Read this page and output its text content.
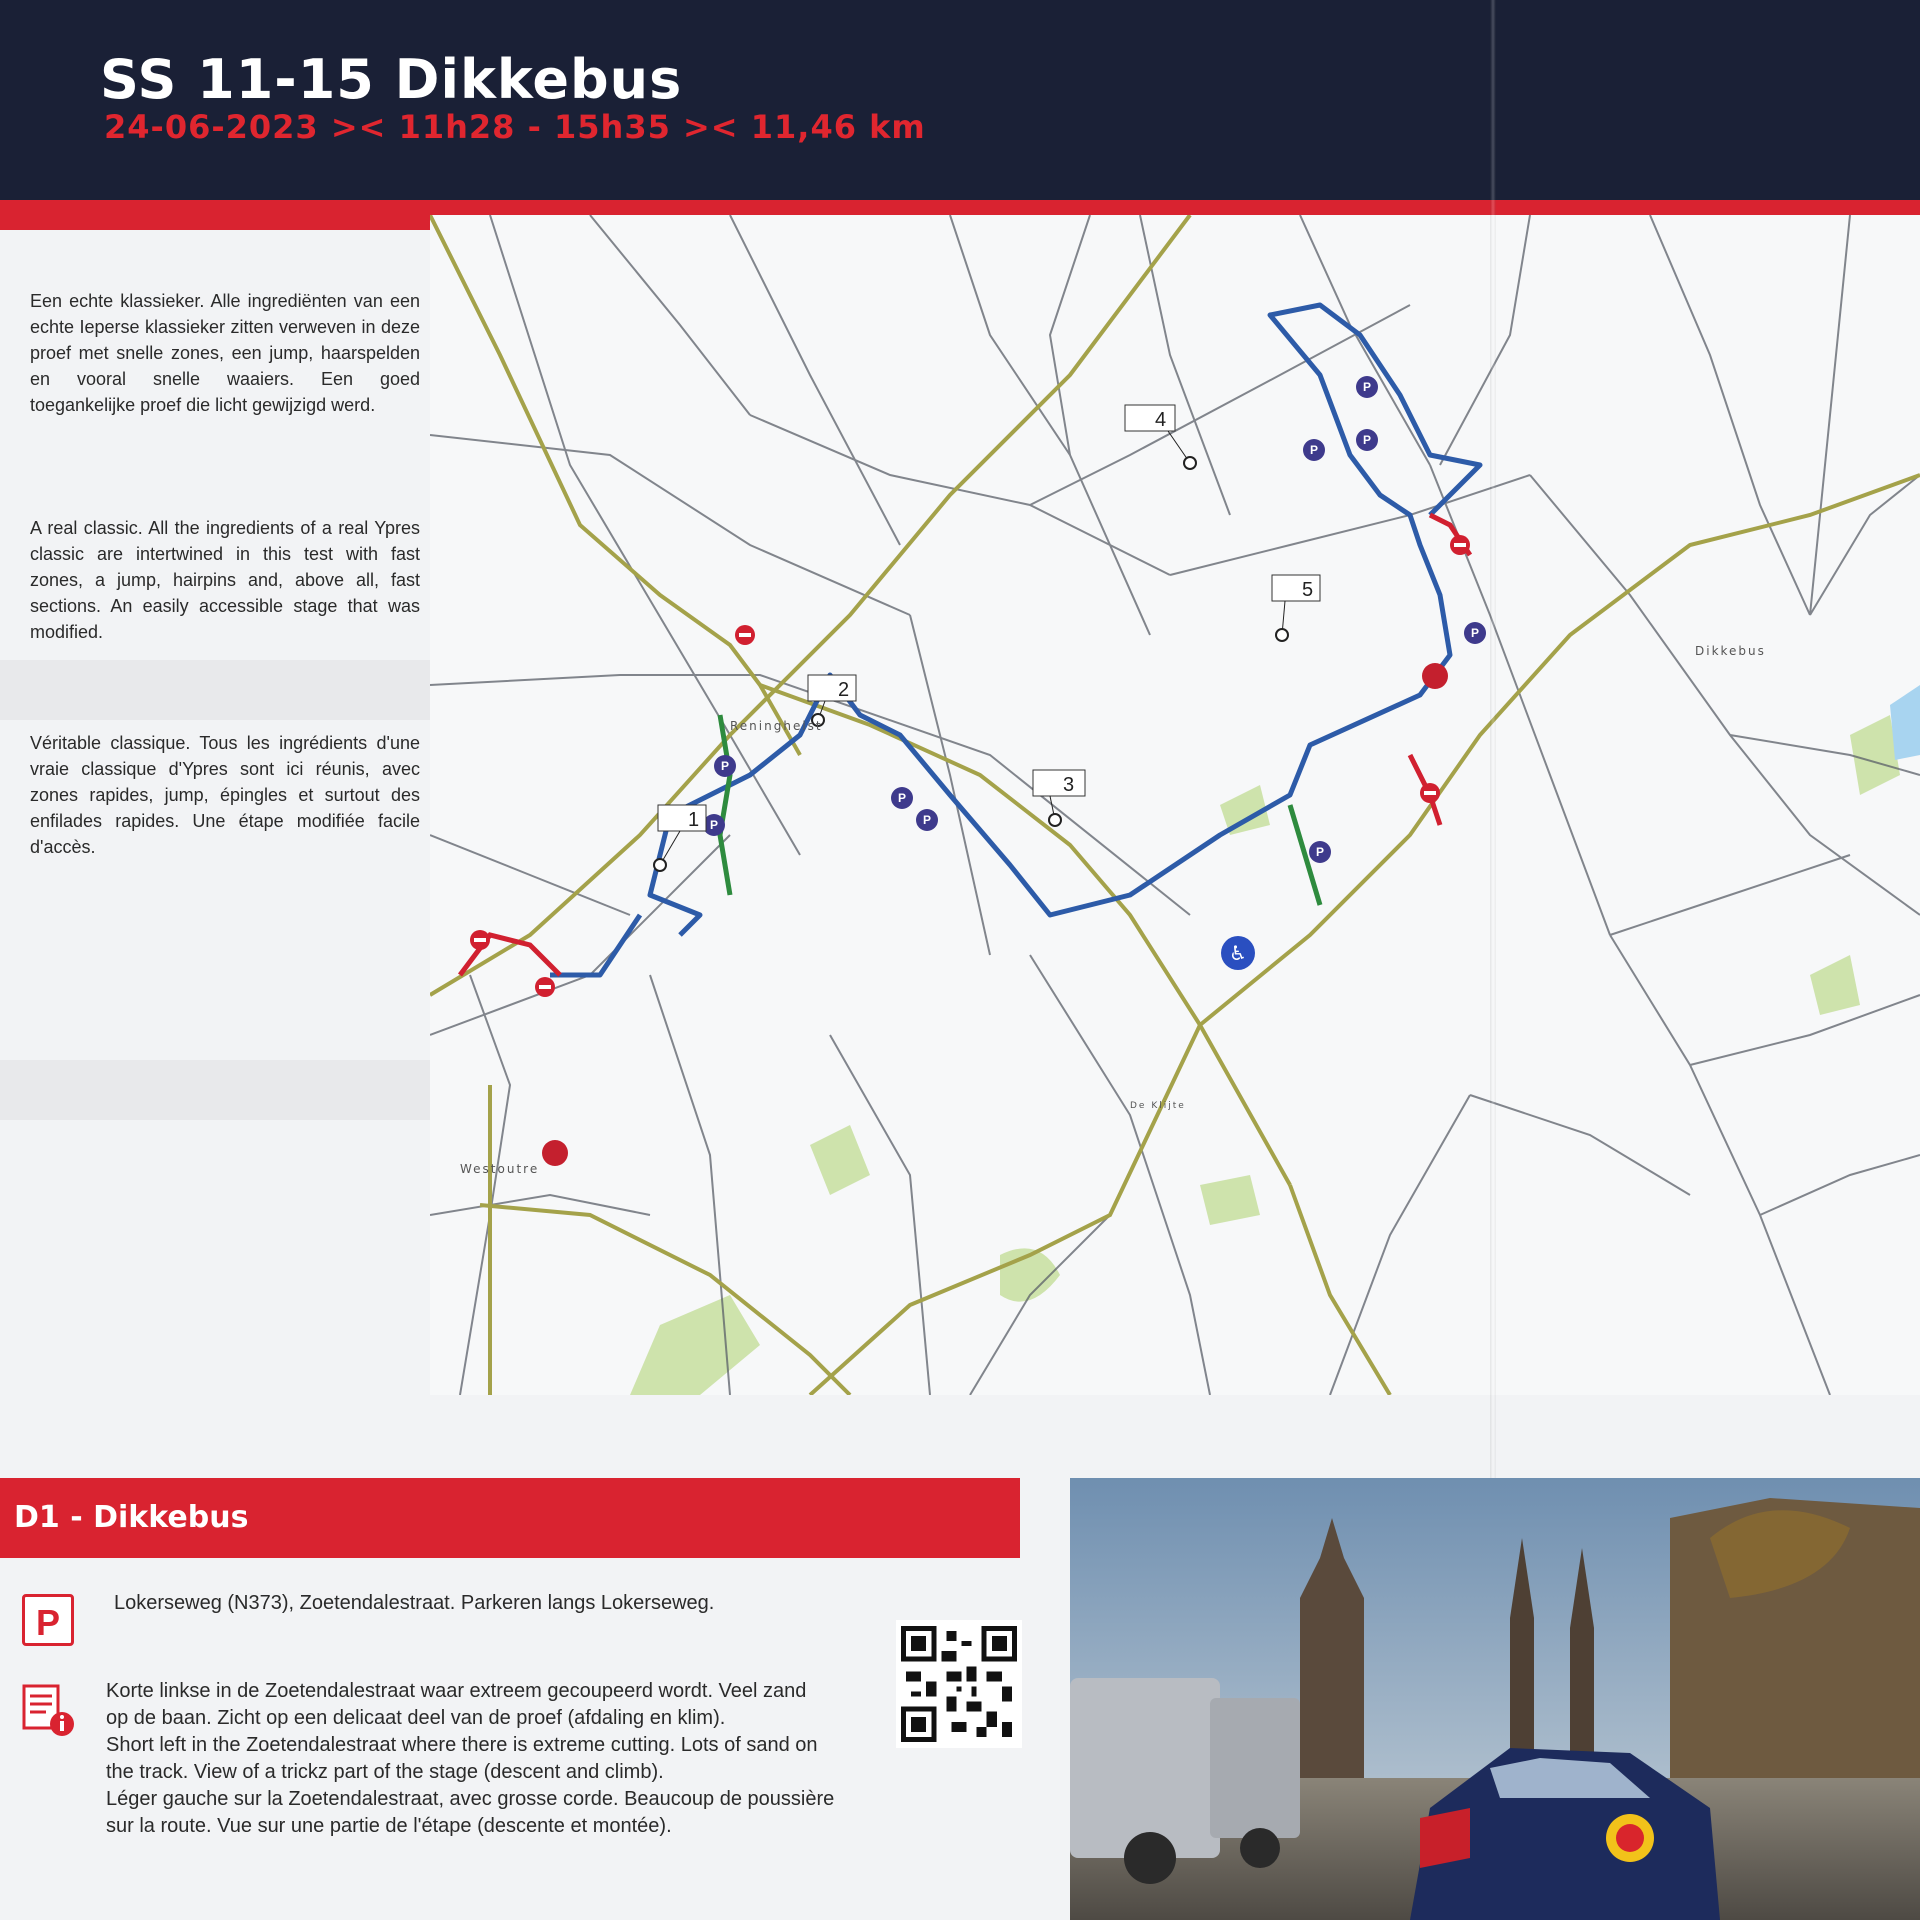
SS 11-15 Dikkebus
24-06-2023 >< 11h28 - 15h35 >< 11,46 km
Een echte klassieker. Alle ingrediënten van een echte Ieperse klassieker zitten verweven in deze proef met snelle zones, een jump, haarspelden en vooral snelle waaiers. Een goed toegankelijke proef die licht gewijzigd werd.
A real classic. All the ingredients of a real Ypres classic are intertwined in this test with fast zones, a jump, hairpins and, above all, fast sections. An easily accessible stage that was modified.
Véritable classique. Tous les ingrédients d'une vraie classique d'Ypres sont ici réunis, avec zones rapides, jump, épingles et surtout des enfilades rapides. Une étape modifiée facile d'accès.
P
P
P
P
P
P
P
P
P
♿
1
2
3
4
5
Reninghelst
Dikkebus
Westoutre
De Klijte
D1 - Dikkebus
P	Lokerseweg (N373), Zoetendalestraat. Parkeren langs Lokerseweg.
Korte linkse in de Zoetendalestraat waar extreem gecoupeerd wordt. Veel zand
op de baan. Zicht op een delicaat deel van de proef (afdaling en klim).
Short left in the Zoetendalestraat where there is extreme cutting. Lots of sand on
the track. View of a trickz part of the stage (descent and climb).
Léger gauche sur la Zoetendalestraat, avec grosse corde. Beaucoup de poussière
sur la route. Vue sur une partie de l'étape (descente et montée).
